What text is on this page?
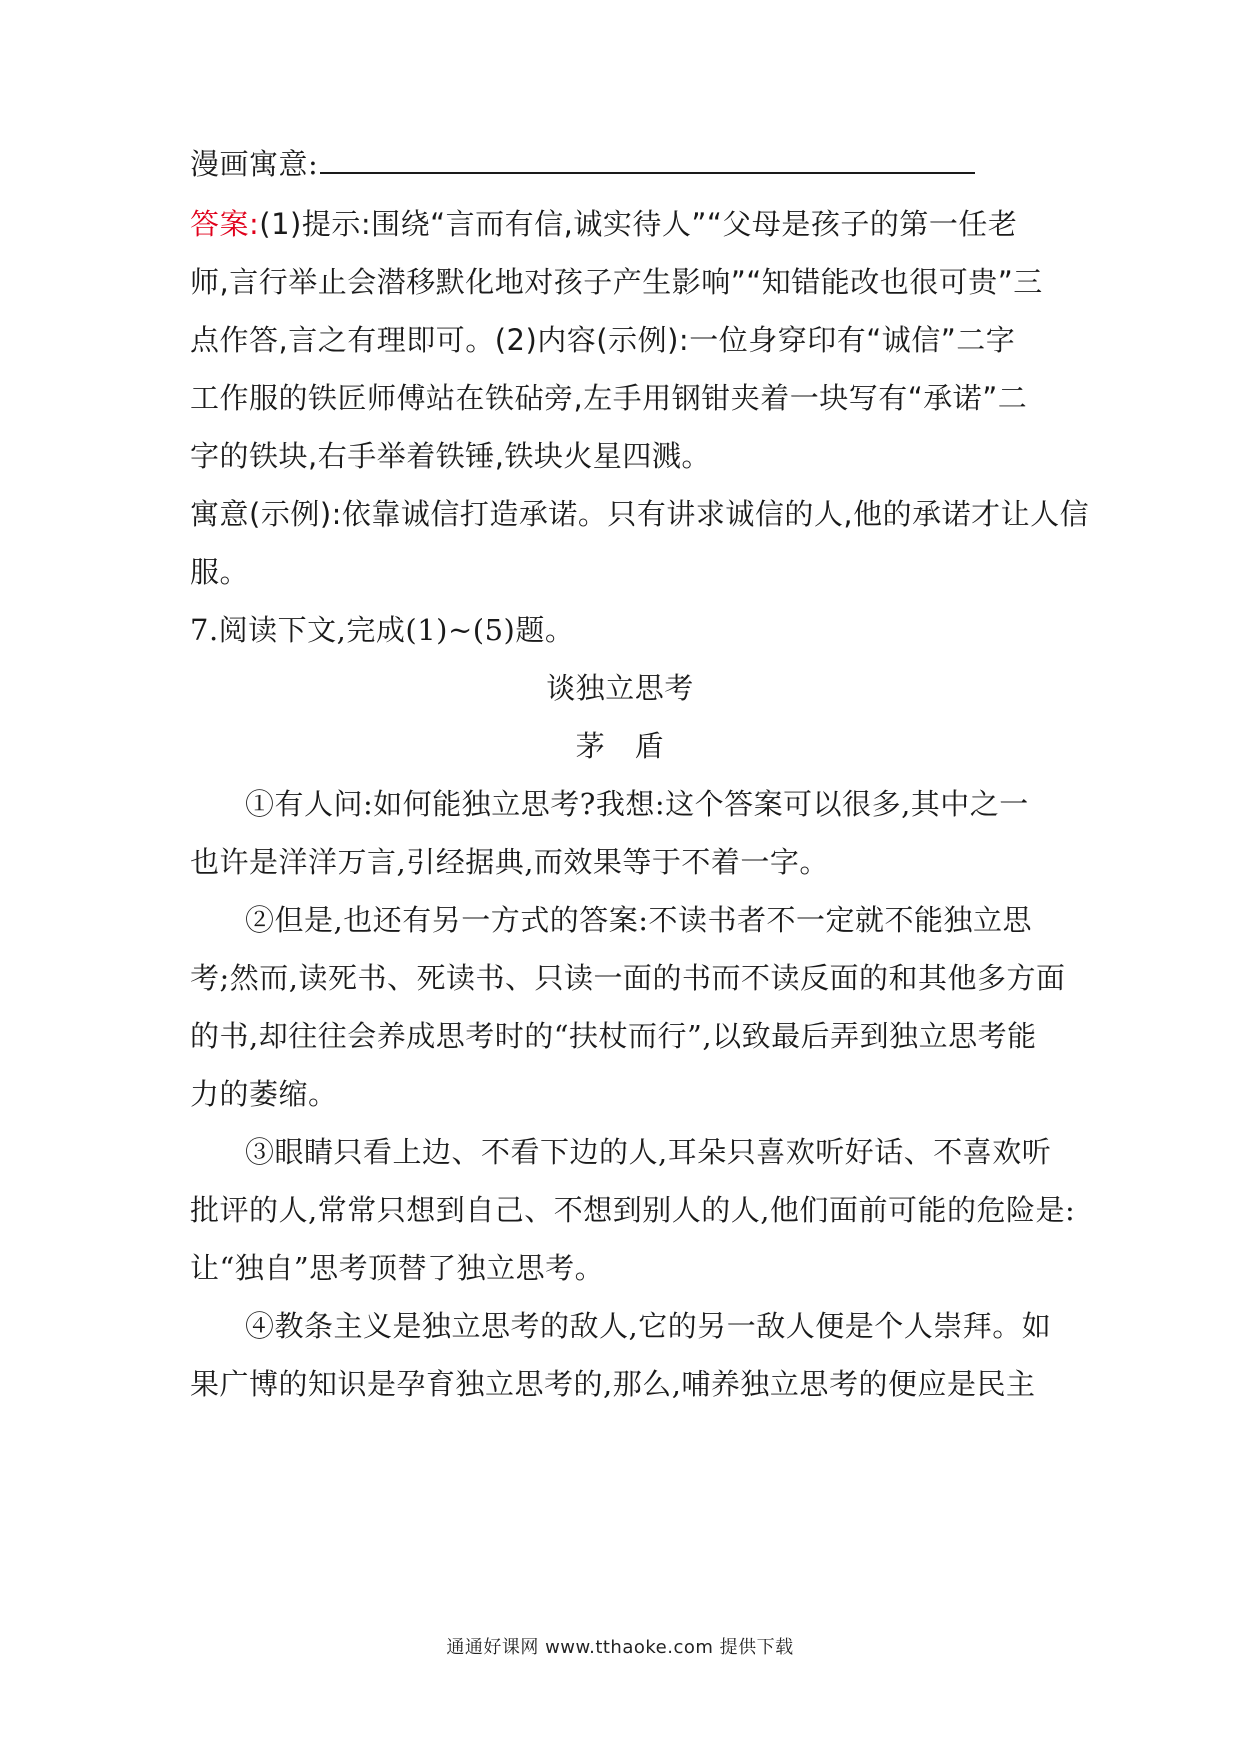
漫画寓意:
答案:(1)提示:围绕“言而有信,诚实待人”“父母是孩子的第一任老
师,言行举止会潜移默化地对孩子产生影响”“知错能改也很可贵”三
点作答,言之有理即可。(2)内容(示例):一位身穿印有“诚信”二字
工作服的铁匠师傅站在铁砧旁,左手用钢钳夹着一块写有“承诺”二
字的铁块,右手举着铁锤,铁块火星四溅。
寓意(示例):依靠诚信打造承诺。只有讲求诚信的人,他的承诺才让人信
服。
7.阅读下文,完成(1)~(5)题。
谈独立思考
茅　盾
①有人问:如何能独立思考?我想:这个答案可以很多,其中之一
也许是洋洋万言,引经据典,而效果等于不着一字。
②但是,也还有另一方式的答案:不读书者不一定就不能独立思
考;然而,读死书、死读书、只读一面的书而不读反面的和其他多方面
的书,却往往会养成思考时的“扶杖而行”,以致最后弄到独立思考能
力的萎缩。
③眼睛只看上边、不看下边的人,耳朵只喜欢听好话、不喜欢听
批评的人,常常只想到自己、不想到别人的人,他们面前可能的危险是:
让“独自”思考顶替了独立思考。
④教条主义是独立思考的敌人,它的另一敌人便是个人崇拜。如
果广博的知识是孕育独立思考的,那么,哺养独立思考的便应是民主
通通好课网 www.tthaoke.com 提供下载
